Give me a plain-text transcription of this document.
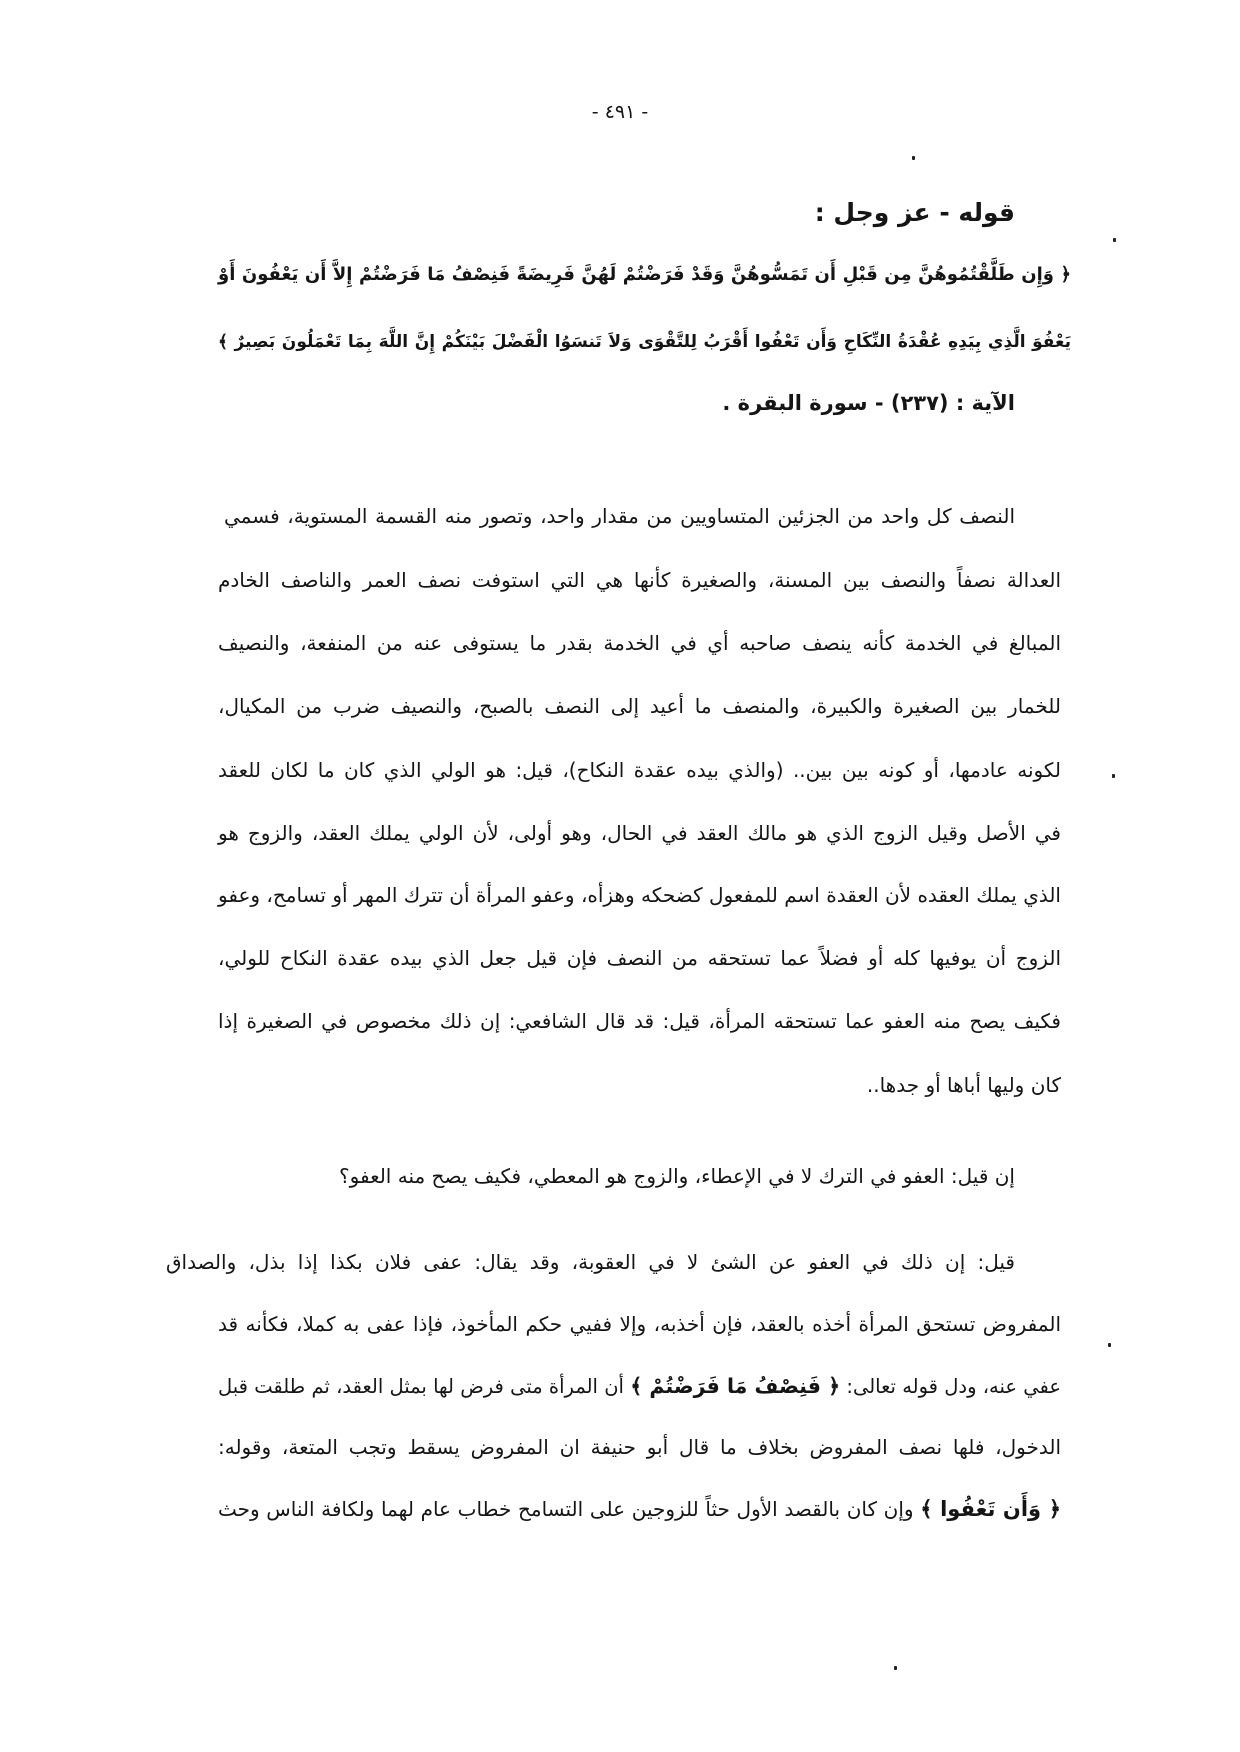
- ٤٩١ -
قوله - عز وجل :
﴿ وَإِن طَلَّقْتُمُوهُنَّ مِن قَبْلِ أَن تَمَسُّوهُنَّ وَقَدْ فَرَضْتُمْ لَهُنَّ فَرِيضَةً فَنِصْفُ مَا فَرَضْتُمْ إِلاَّ أَن يَعْفُونَ أَوْ
يَعْفُوَ الَّذِي بِيَدِهِ عُقْدَةُ النِّكَاحِ وَأَن تَعْفُوا أَقْرَبُ لِلتَّقْوَى وَلاَ تَنسَوُا الْفَضْلَ بَيْنَكُمْ إِنَّ اللَّهَ بِمَا تَعْمَلُونَ بَصِيرٌ ﴾
الآية : (٢٣٧) - سورة البقرة .
النصف كل واحد من الجزئين المتساويين من مقدار واحد، وتصور منه القسمة المستوية، فسمي
العدالة نصفاً والنصف بين المسنة، والصغيرة كأنها هي التي استوفت نصف العمر والناصف الخادم
المبالغ في الخدمة كأنه ينصف صاحبه أي في الخدمة بقدر ما يستوفى عنه من المنفعة، والنصيف
للخمار بين الصغيرة والكبيرة، والمنصف ما أعيد إلى النصف بالصبح، والنصيف ضرب من المكيال،
لكونه عادمها، أو كونه بين بين.. (والذي بيده عقدة النكاح)، قيل: هو الولي الذي كان ما لكان للعقد
في الأصل وقيل الزوج الذي هو مالك العقد في الحال، وهو أولى، لأن الولي يملك العقد، والزوج هو
الذي يملك العقده لأن العقدة اسم للمفعول كضحكه وهزأه، وعفو المرأة أن تترك المهر أو تسامح، وعفو
الزوج أن يوفيها كله أو فضلاً عما تستحقه من النصف فإن قيل جعل الذي بيده عقدة النكاح للولي،
فكيف يصح منه العفو عما تستحقه المرأة، قيل: قد قال الشافعي: إن ذلك مخصوص في الصغيرة إذا
كان وليها أباها أو جدها..
إن قيل: العفو في الترك لا في الإعطاء، والزوج هو المعطي، فكيف يصح منه العفو؟
قيل: إن ذلك في العفو عن الشئ لا في العقوبة، وقد يقال: عفى فلان بكذا إذا بذل، والصداق
المفروض تستحق المرأة أخذه بالعقد، فإن أخذبه، وإلا ففيي حكم المأخوذ، فإذا عفى به كملا، فكأنه قد
عفي عنه، ودل قوله تعالى: ﴿ فَنِصْفُ مَا فَرَضْتُمْ ﴾ أن المرأة متى فرض لها بمثل العقد، ثم طلقت قبل
الدخول، فلها نصف المفروض بخلاف ما قال أبو حنيفة ان المفروض يسقط وتجب المتعة، وقوله:
﴿ وَأَن تَعْفُوا ﴾ وإن كان بالقصد الأول حثاً للزوجين على التسامح خطاب عام لهما ولكافة الناس وحث
